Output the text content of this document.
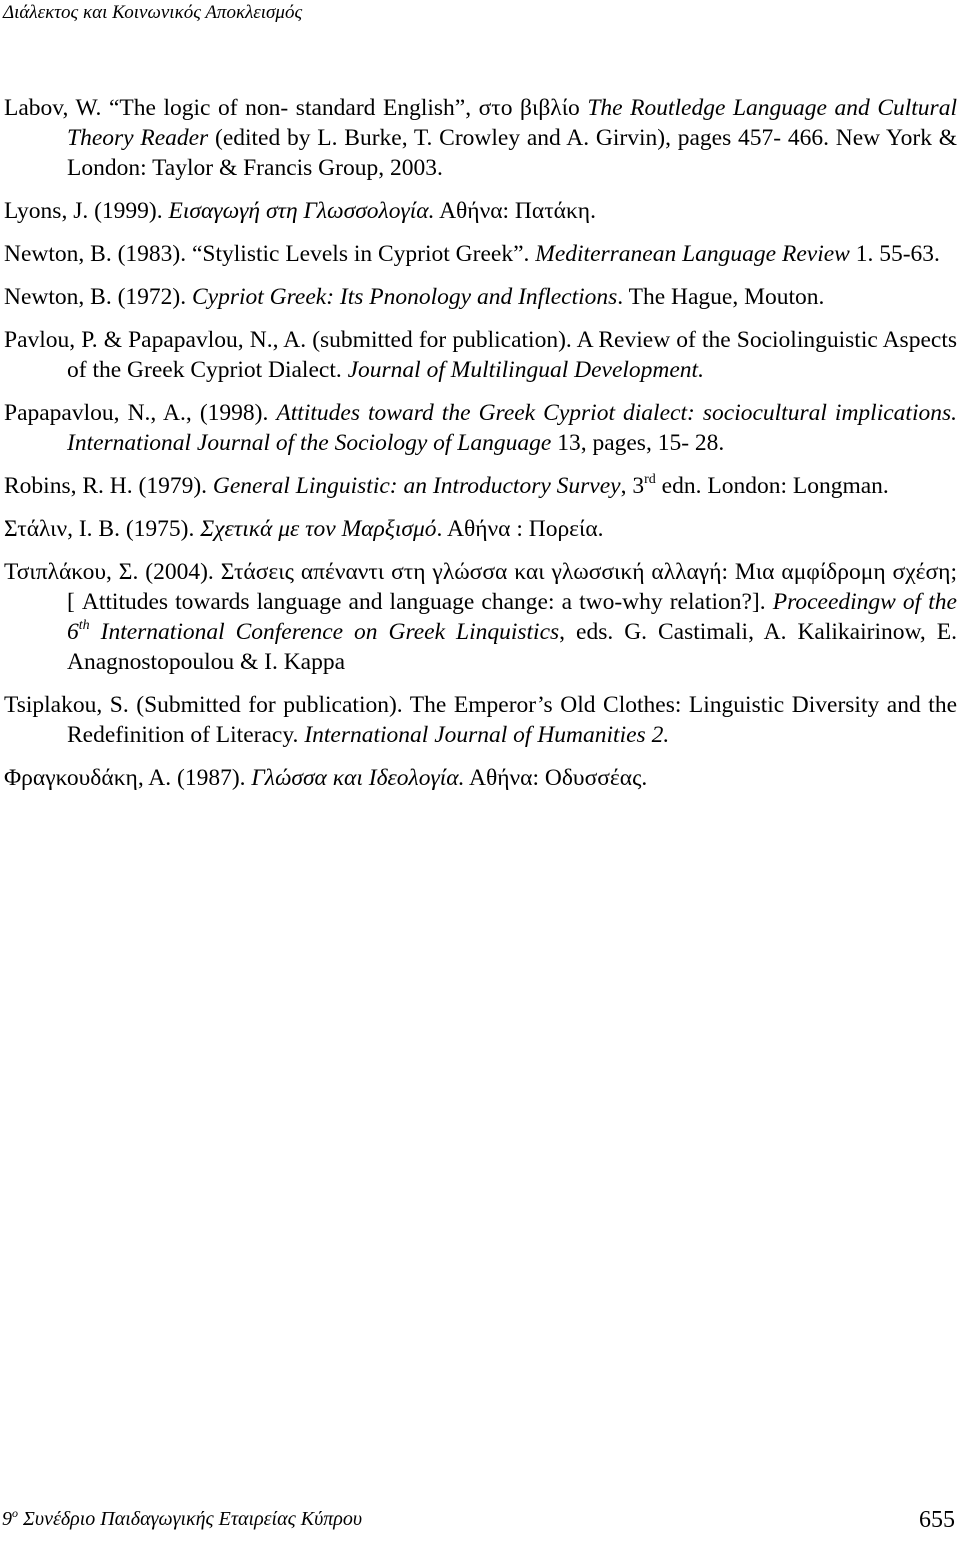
Διάλεκτος και Κοινωνικός Αποκλεισμός
Labov, W. “The logic of non- standard English”, στο βιβλίο The Routledge Language and Cultural Theory Reader (edited by L. Burke, T. Crowley and A. Girvin), pages 457- 466. New York & London: Taylor & Francis Group, 2003.
Lyons, J. (1999). Εισαγωγή στη Γλωσσολογία. Αθήνα: Πατάκη.
Newton, B. (1983). “Stylistic Levels in Cypriot Greek”. Mediterranean Language Review 1. 55-63.
Newton, B. (1972). Cypriot Greek: Its Pnonology and Inflections. The Hague, Mouton.
Pavlou, P. & Papapavlou, N., A. (submitted for publication). A Review of the Sociolinguistic Aspects of the Greek Cypriot Dialect. Journal of Multilingual Development.
Papapavlou, N., A., (1998). Attitudes toward the Greek Cypriot dialect: sociocultural implications. International Journal of the Sociology of Language 13, pages, 15- 28.
Robins, R. H. (1979). General Linguistic: an Introductory Survey, 3rd edn. London: Longman.
Στάλιν, Ι. Β. (1975). Σχετικά με τον Μαρξισμό. Αθήνα : Πορεία.
Τσιπλάκου, Σ. (2004). Στάσεις απέναντι στη γλώσσα και γλωσσική αλλαγή: Μια αμφίδρομη σχέση; [ Attitudes towards language and language change: a two-why relation?]. Proceedingw of the 6th International Conference on Greek Linquistics, eds. G. Castimali, A. Kalikairinow, E. Anagnostopoulou & I. Kappa
Tsiplakou, S. (Submitted for publication). The Emperor’s Old Clothes: Linguistic Diversity and the Redefinition of Literacy. International Journal of Humanities 2.
Φραγκουδάκη, Α. (1987). Γλώσσα και Ιδεολογία. Αθήνα: Οδυσσέας.
$9^o$ Συνέδριο Παιδαγωγικής Εταιρείας Κύπρου	655
